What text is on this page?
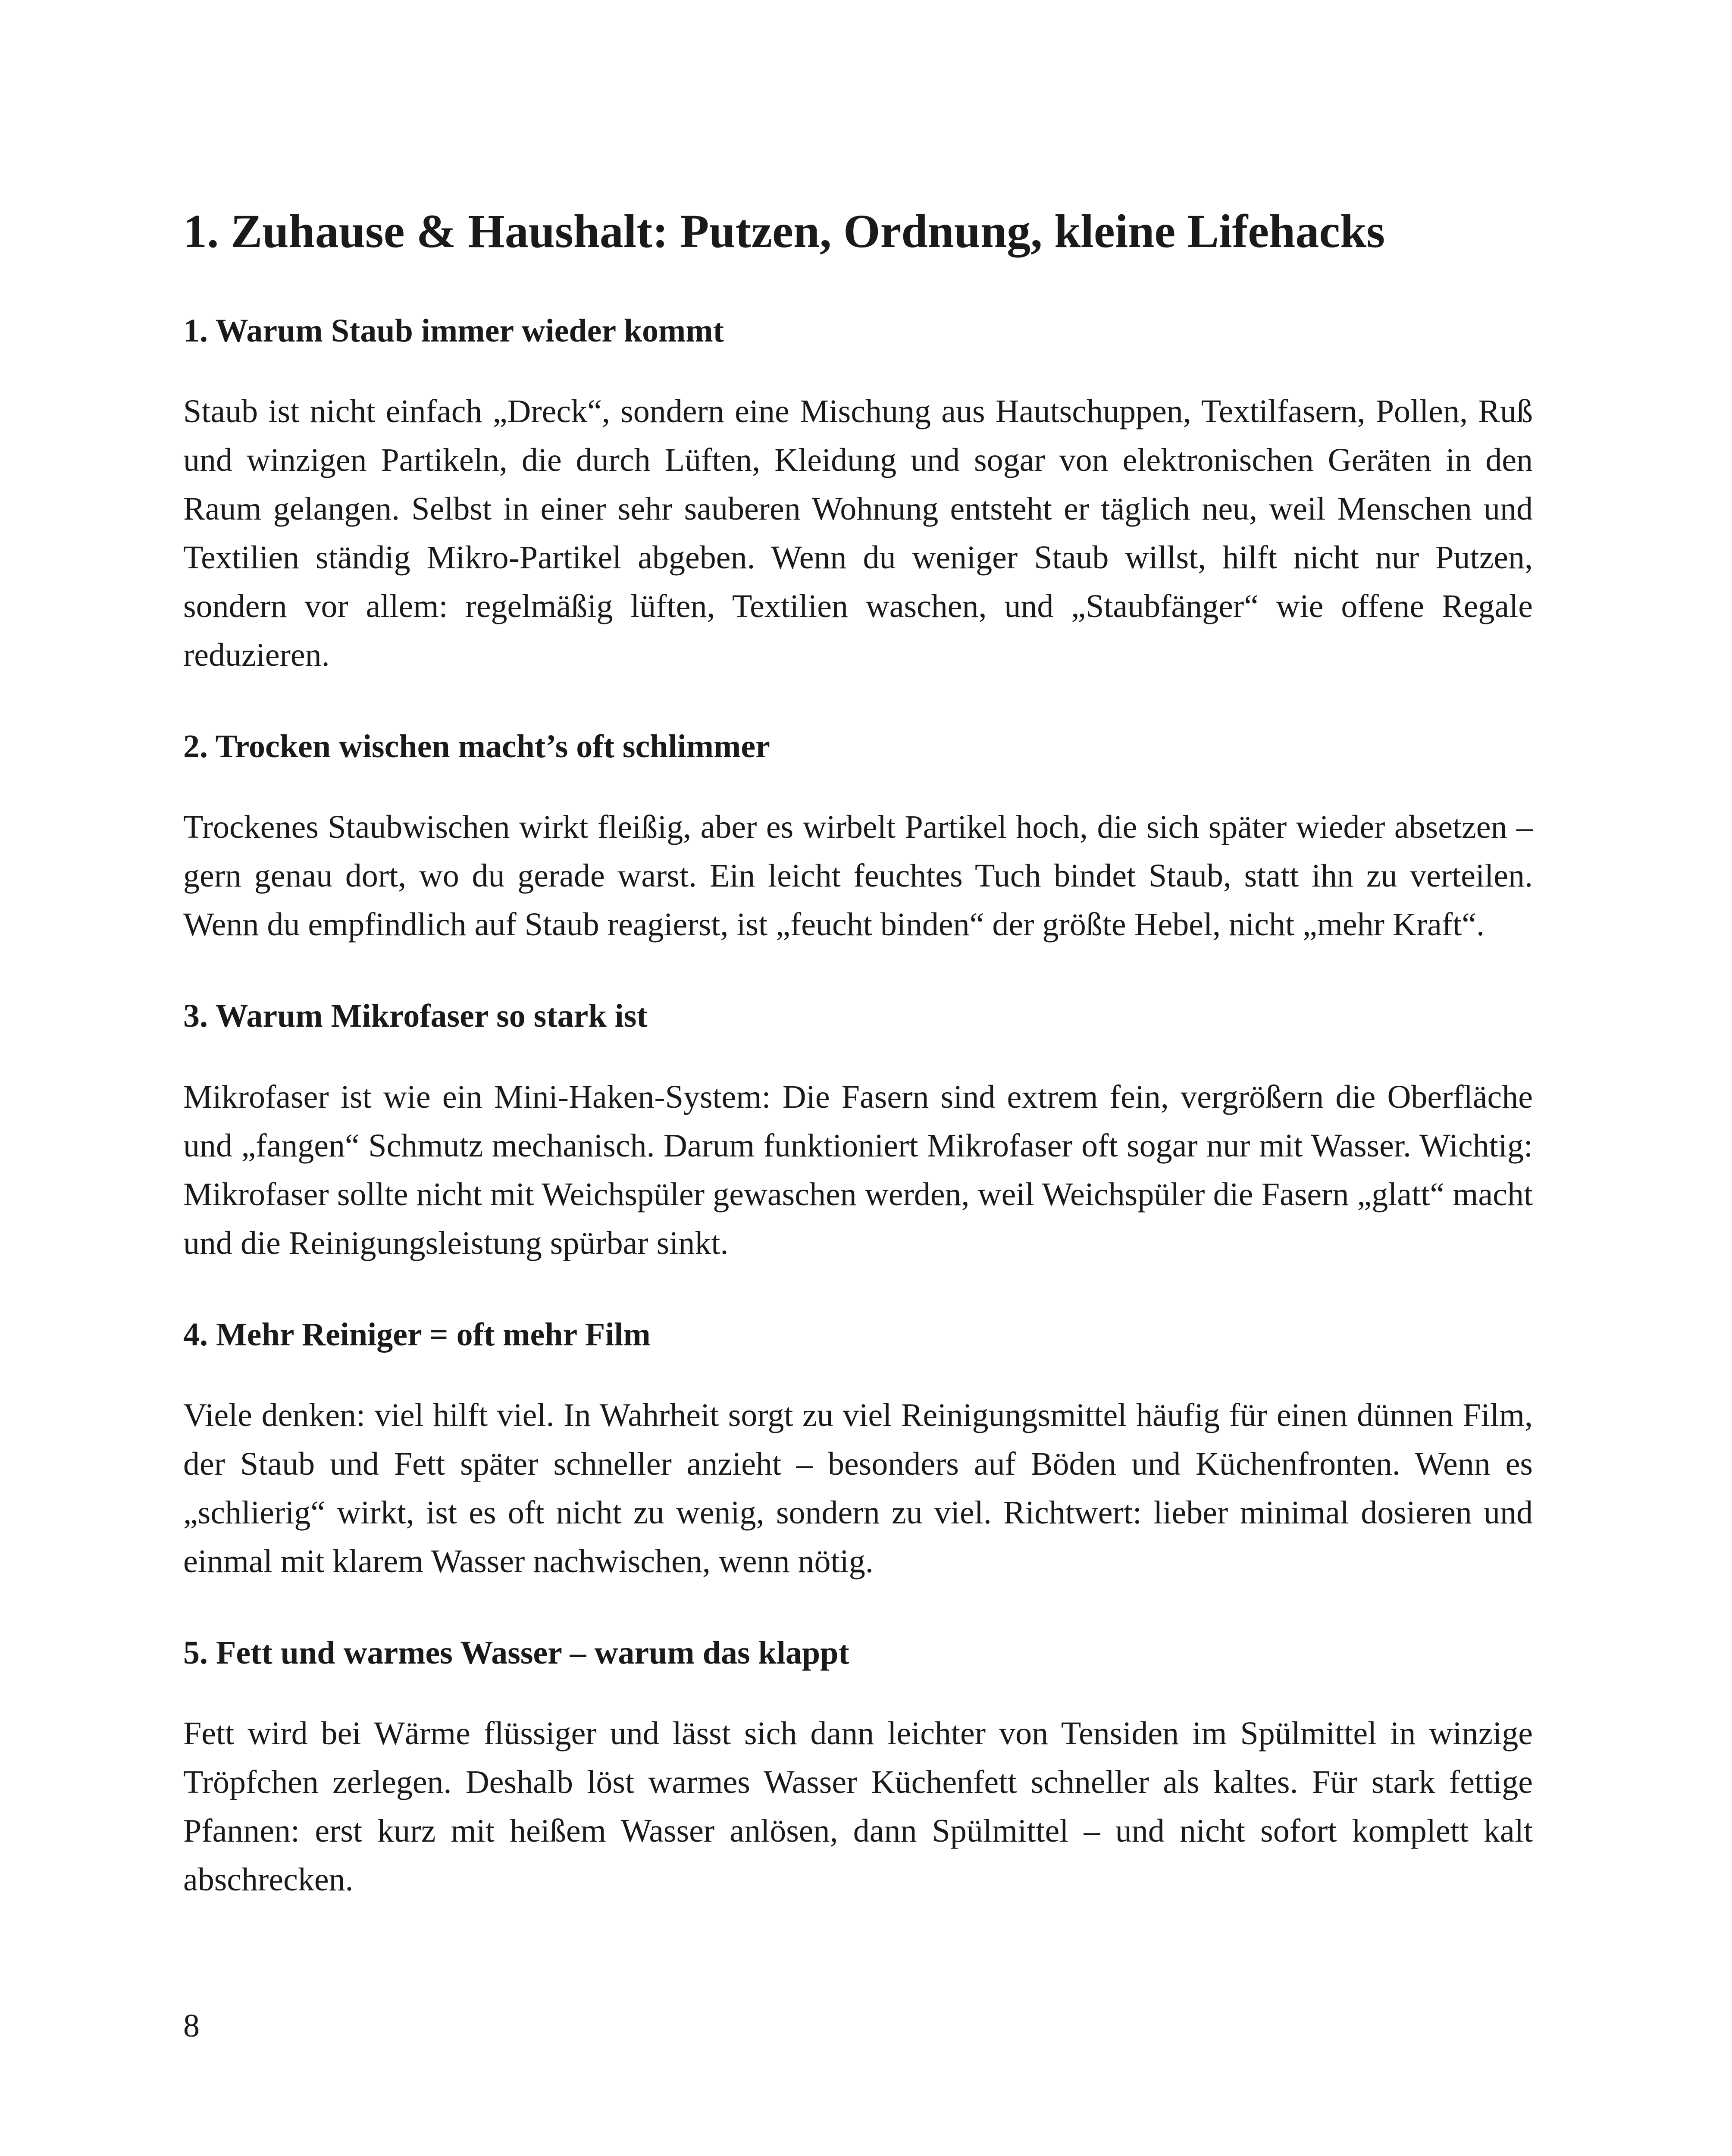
1. Zuhause & Haushalt: Putzen, Ordnung, kleine Lifehacks
1. Warum Staub immer wieder kommt

Staub ist nicht einfach „Dreck“, sondern eine Mischung aus Hautschuppen, Textilfasern, Pollen, Ruß und winzigen Partikeln, die durch Lüften, Kleidung und sogar von elektronischen Geräten in den Raum gelangen. Selbst in einer sehr sauberen Wohnung entsteht er täglich neu, weil Menschen und Textilien ständig Mikro-Partikel abgeben. Wenn du weniger Staub willst, hilft nicht nur Putzen, sondern vor allem: regelmäßig lüften, Textilien waschen, und „Staubfänger“ wie offene Regale reduzieren.

2. Trocken wischen macht’s oft schlimmer

Trockenes Staubwischen wirkt fleißig, aber es wirbelt Partikel hoch, die sich später wieder absetzen – gern genau dort, wo du gerade warst. Ein leicht feuchtes Tuch bindet Staub, statt ihn zu verteilen. Wenn du empfindlich auf Staub reagierst, ist „feucht binden“ der größte Hebel, nicht „mehr Kraft“.

3. Warum Mikrofaser so stark ist

Mikrofaser ist wie ein Mini-Haken-System: Die Fasern sind extrem fein, vergrößern die Oberfläche und „fangen“ Schmutz mechanisch. Darum funktioniert Mikrofaser oft sogar nur mit Wasser. Wichtig: Mikrofaser sollte nicht mit Weichspüler gewaschen werden, weil Weichspüler die Fasern „glatt“ macht und die Reinigungsleistung spürbar sinkt.

4. Mehr Reiniger = oft mehr Film

Viele denken: viel hilft viel. In Wahrheit sorgt zu viel Reinigungsmittel häufig für einen dünnen Film, der Staub und Fett später schneller anzieht – besonders auf Böden und Küchenfronten. Wenn es „schlierig“ wirkt, ist es oft nicht zu wenig, sondern zu viel. Richtwert: lieber minimal dosieren und einmal mit klarem Wasser nachwischen, wenn nötig.

5. Fett und warmes Wasser – warum das klappt

Fett wird bei Wärme flüssiger und lässt sich dann leichter von Tensiden im Spülmittel in winzige Tröpfchen zerlegen. Deshalb löst warmes Wasser Küchenfett schneller als kaltes. Für stark fettige Pfannen: erst kurz mit heißem Wasser anlösen, dann Spülmittel – und nicht sofort komplett kalt abschrecken.

8
